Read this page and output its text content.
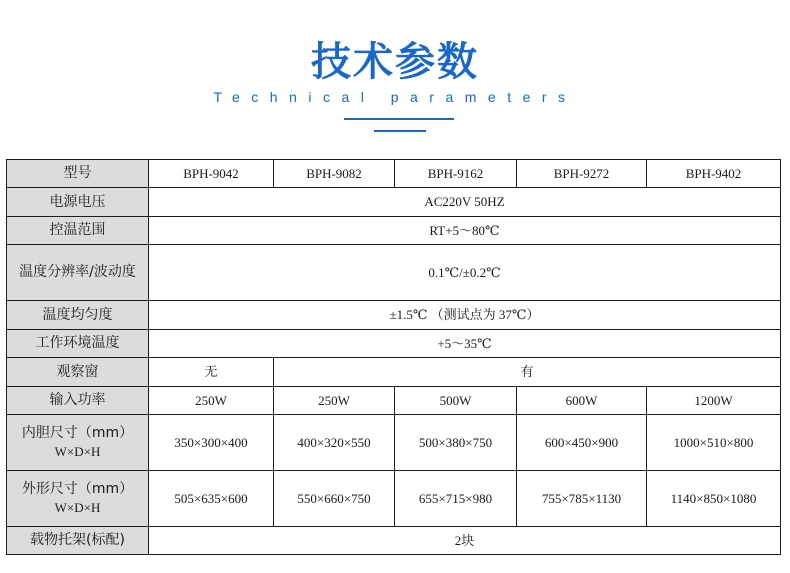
技术参数
Technical parameters
型号	BPH-9042	BPH-9082	BPH-9162	BPH-9272	BPH-9402
电源电压	AC220V 50HZ				
控温范围	RT+5～80℃				
温度分辨率/波动度	0.1℃/±0.2℃				
温度均匀度	±1.5℃ （测试点为 37℃）				
工作环境温度	+5～35℃				
观察窗	无	有			
输入功率	250W	250W	500W	600W	1200W
内胆尺寸（mm）
W×D×H	350×300×400	400×320×550	500×380×750	600×450×900	1000×510×800
外形尺寸（mm）
W×D×H	505×635×600	550×660×750	655×715×980	755×785×1130	1140×850×1080
载物托架(标配)	2块				
